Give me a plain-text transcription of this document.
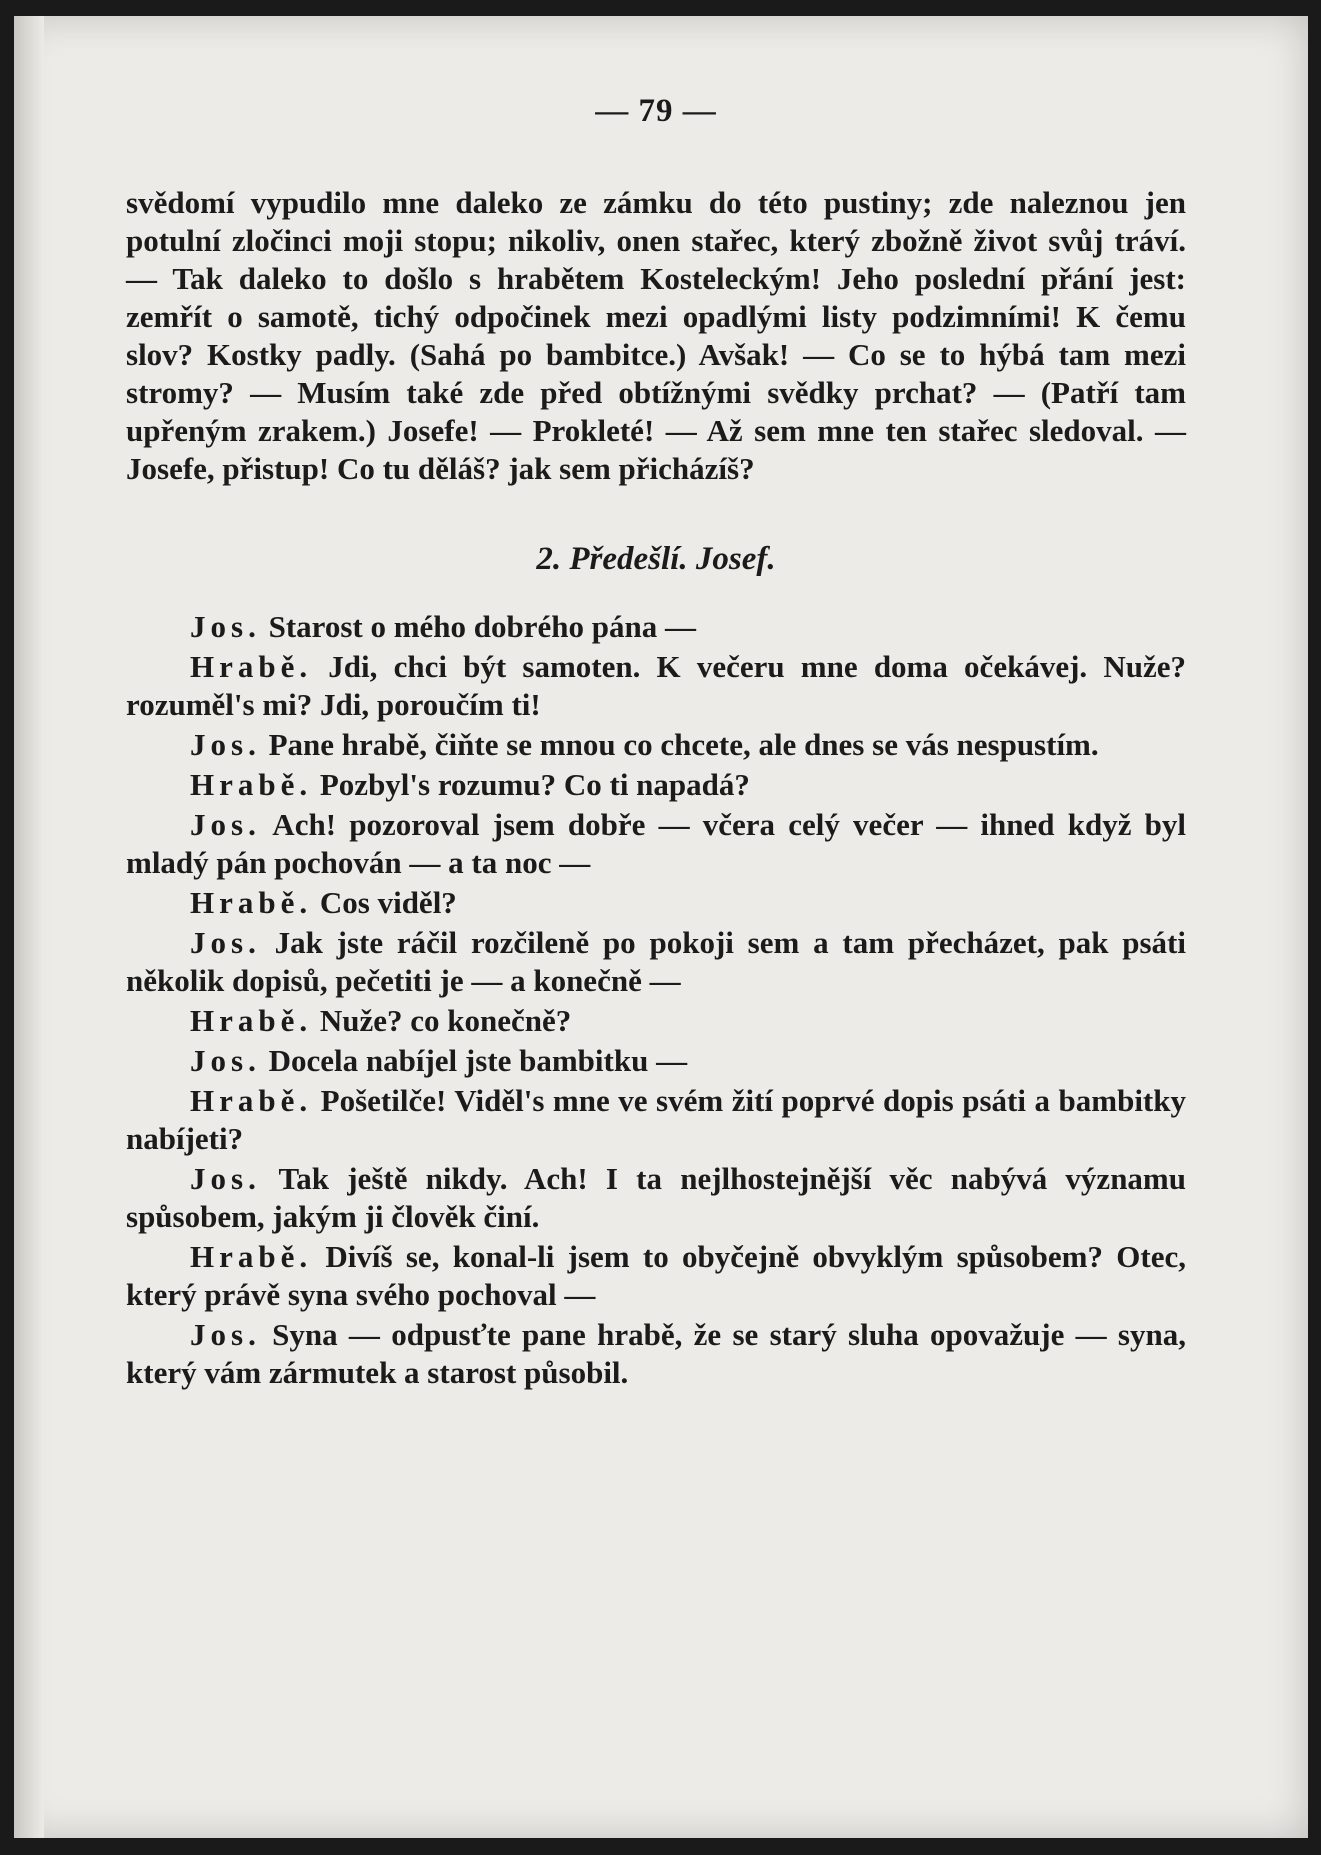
— 79 —

svědomí vypudilo mne daleko ze zámku do této pustiny; zde naleznou jen potulní zločinci moji stopu; nikoliv, onen stařec, který zbožně život svůj tráví. — Tak daleko to došlo s hrabětem Kosteleckým! Jeho poslední přání jest: zemřít o samotě, tichý odpočinek mezi opadlými listy podzimními! K čemu slov? Kostky padly. (Sahá po bambitce.) Avšak! — Co se to hýbá tam mezi stromy? — Musím také zde před obtížnými svědky prchat? — (Patří tam upřeným zrakem.) Josefe! — Prokleté! — Až sem mne ten stařec sledoval. — Josefe, přistup! Co tu děláš? jak sem přicházíš?

2. Předešlí. Josef.

Jos. Starost o mého dobrého pána —

Hrabě. Jdi, chci být samoten. K večeru mne doma očekávej. Nuže? rozuměl's mi? Jdi, poroučím ti!

Jos. Pane hrabě, čiňte se mnou co chcete, ale dnes se vás nespustím.

Hrabě. Pozbyl's rozumu? Co ti napadá?

Jos. Ach! pozoroval jsem dobře — včera celý večer — ihned když byl mladý pán pochován — a ta noc —

Hrabě. Cos viděl?

Jos. Jak jste ráčil rozčileně po pokoji sem a tam přecházet, pak psáti několik dopisů, pečetiti je — a konečně —

Hrabě. Nuže? co konečně?

Jos. Docela nabíjel jste bambitku —

Hrabě. Pošetilče! Viděl's mne ve svém žití poprvé dopis psáti a bambitky nabíjeti?

Jos. Tak ještě nikdy. Ach! I ta nejlhostejnější věc nabývá významu spůsobem, jakým ji člověk činí.

Hrabě. Divíš se, konal-li jsem to obyčejně obvyklým spůsobem? Otec, který právě syna svého pochoval —

Jos. Syna — odpusťte pane hrabě, že se starý sluha opovažuje — syna, který vám zármutek a starost působil.
